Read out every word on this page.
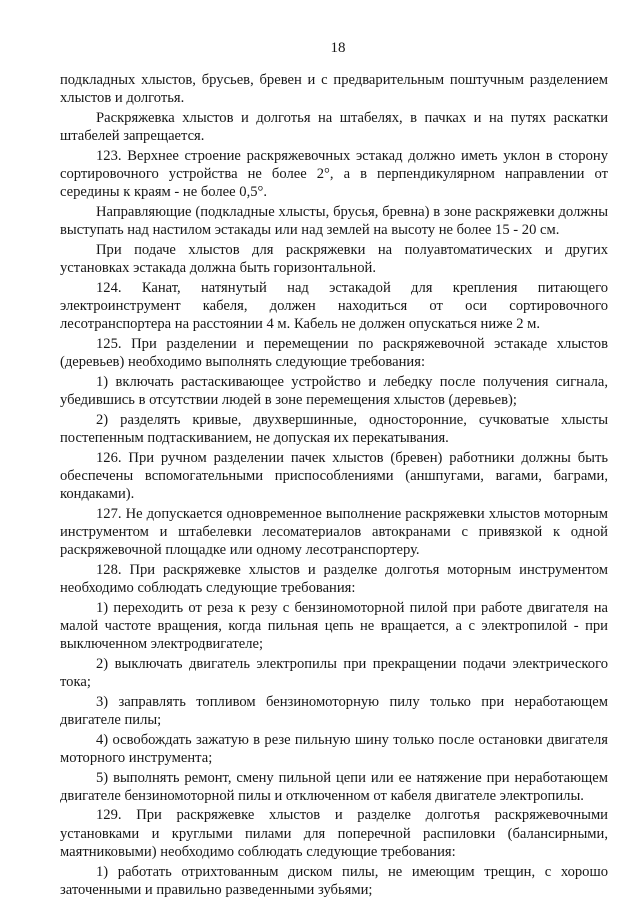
18

подкладных хлыстов, брусьев, бревен и с предварительным поштучным разделением хлыстов и долготья.

Раскряжевка хлыстов и долготья на штабелях, в пачках и на путях раскатки штабелей запрещается.

123. Верхнее строение раскряжевочных эстакад должно иметь уклон в сторону сортировочного устройства не более 2°, а в перпендикулярном направлении от середины к краям - не более 0,5°.

Направляющие (подкладные хлысты, брусья, бревна) в зоне раскряжевки должны выступать над настилом эстакады или над землей на высоту не более 15 - 20 см.

При подаче хлыстов для раскряжевки на полуавтоматических и других установках эстакада должна быть горизонтальной.

124. Канат, натянутый над эстакадой для крепления питающего электроинструмент кабеля, должен находиться от оси сортировочного лесотранспортера на расстоянии 4 м. Кабель не должен опускаться ниже 2 м.

125. При разделении и перемещении по раскряжевочной эстакаде хлыстов (деревьев) необходимо выполнять следующие требования:

1) включать растаскивающее устройство и лебедку после получения сигнала, убедившись в отсутствии людей в зоне перемещения хлыстов (деревьев);

2) разделять кривые, двухвершинные, односторонние, сучковатые хлысты постепенным подтаскиванием, не допуская их перекатывания.

126. При ручном разделении пачек хлыстов (бревен) работники должны быть обеспечены вспомогательными приспособлениями (аншпугами, вагами, баграми, кондаками).

127. Не допускается одновременное выполнение раскряжевки хлыстов моторным инструментом и штабелевки лесоматериалов автокранами с привязкой к одной раскряжевочной площадке или одному лесотранспортеру.

128. При раскряжевке хлыстов и разделке долготья моторным инструментом необходимо соблюдать следующие требования:

1) переходить от реза к резу с бензиномоторной пилой при работе двигателя на малой частоте вращения, когда пильная цепь не вращается, а с электропилой - при выключенном электродвигателе;

2) выключать двигатель электропилы при прекращении подачи электрического тока;

3) заправлять топливом бензиномоторную пилу только при неработающем двигателе пилы;

4) освобождать зажатую в резе пильную шину только после остановки двигателя моторного инструмента;

5) выполнять ремонт, смену пильной цепи или ее натяжение при неработающем двигателе бензиномоторной пилы и отключенном от кабеля двигателе электропилы.

129. При раскряжевке хлыстов и разделке долготья раскряжевочными установками и круглыми пилами для поперечной распиловки (балансирными, маятниковыми) необходимо соблюдать следующие требования:

1) работать отрихтованным диском пилы, не имеющим трещин, с хорошо заточенными и правильно разведенными зубьями;
